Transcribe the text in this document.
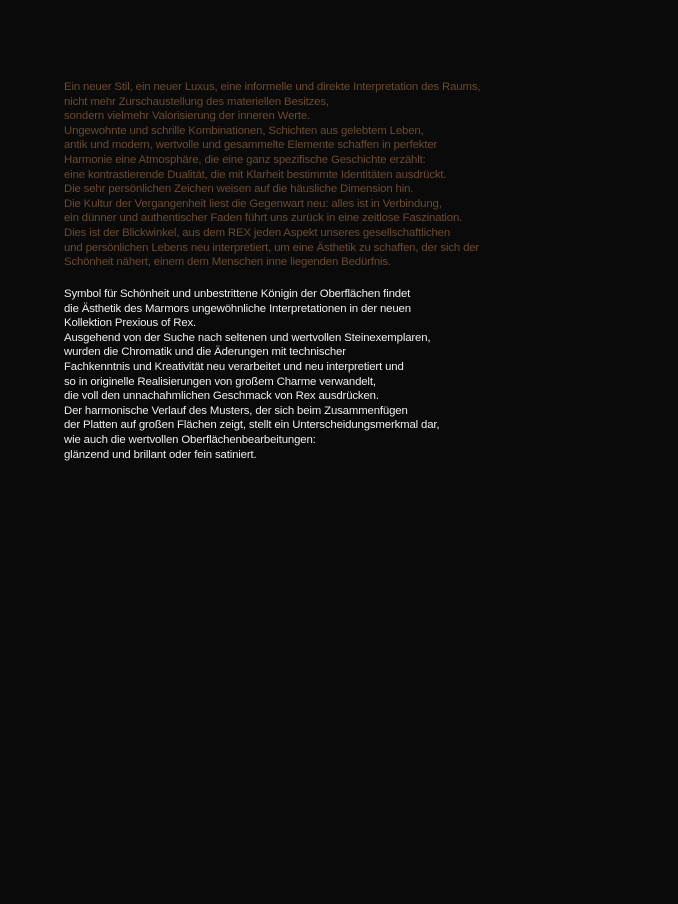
Ein neuer Stil, ein neuer Luxus, eine informelle und direkte Interpretation des Raums,
nicht mehr Zurschaustellung des materiellen Besitzes,
sondern vielmehr Valorisierung der inneren Werte.
Ungewohnte und schrille Kombinationen, Schichten aus gelebtem Leben,
antik und modern, wertvolle und gesammelte Elemente schaffen in perfekter
Harmonie eine Atmosphäre, die eine ganz spezifische Geschichte erzählt:
eine kontrastierende Dualität, die mit Klarheit bestimmte Identitäten ausdrückt.
Die sehr persönlichen Zeichen weisen auf die häusliche Dimension hin.
Die Kultur der Vergangenheit liest die Gegenwart neu: alles ist in Verbindung,
ein dünner und authentischer Faden führt uns zurück in eine zeitlose Faszination.
Dies ist der Blickwinkel, aus dem REX jeden Aspekt unseres gesellschaftlichen
und persönlichen Lebens neu interpretiert, um eine Ästhetik zu schaffen, der sich der
Schönheit nähert, einem dem Menschen inne liegenden Bedürfnis.
Symbol für Schönheit und unbestrittene Königin der Oberflächen findet
die Ästhetik des Marmors ungewöhnliche Interpretationen in der neuen
Kollektion Prexious of Rex.
Ausgehend von der Suche nach seltenen und wertvollen Steinexemplaren,
wurden die Chromatik und die Äderungen mit technischer
Fachkenntnis und Kreativität neu verarbeitet und neu interpretiert und
so in originelle Realisierungen von großem Charme verwandelt,
die voll den unnachahmlichen Geschmack von Rex ausdrücken.
Der harmonische Verlauf des Musters, der sich beim Zusammenfügen
der Platten auf großen Flächen zeigt, stellt ein Unterscheidungsmerkmal dar,
wie auch die wertvollen Oberflächenbearbeitungen:
glänzend und brillant oder fein satiniert.
